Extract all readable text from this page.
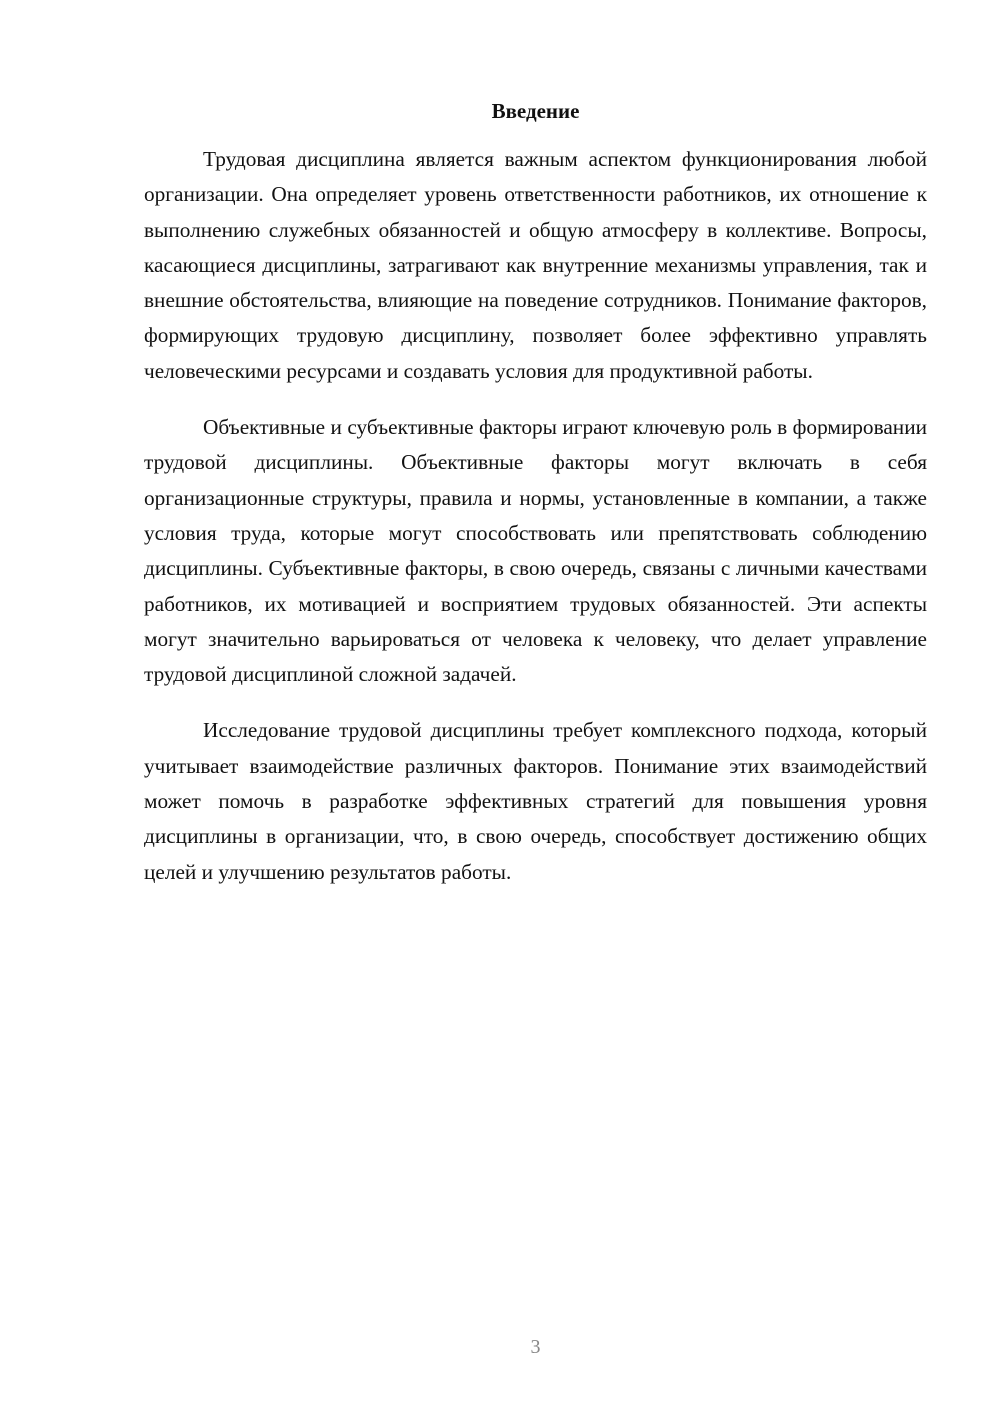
Введение

Трудовая дисциплина является важным аспектом функционирования любой организации. Она определяет уровень ответственности работников, их отношение к выполнению служебных обязанностей и общую атмосферу в коллективе. Вопросы, касающиеся дисциплины, затрагивают как внутренние механизмы управления, так и внешние обстоятельства, влияющие на поведение сотрудников. Понимание факторов, формирующих трудовую дисциплину, позволяет более эффективно управлять человеческими ресурсами и создавать условия для продуктивной работы.

Объективные и субъективные факторы играют ключевую роль в формировании трудовой дисциплины. Объективные факторы могут включать в себя организационные структуры, правила и нормы, установленные в компании, а также условия труда, которые могут способствовать или препятствовать соблюдению дисциплины. Субъективные факторы, в свою очередь, связаны с личными качествами работников, их мотивацией и восприятием трудовых обязанностей. Эти аспекты могут значительно варьироваться от человека к человеку, что делает управление трудовой дисциплиной сложной задачей.

Исследование трудовой дисциплины требует комплексного подхода, который учитывает взаимодействие различных факторов. Понимание этих взаимодействий может помочь в разработке эффективных стратегий для повышения уровня дисциплины в организации, что, в свою очередь, способствует достижению общих целей и улучшению результатов работы.

3
